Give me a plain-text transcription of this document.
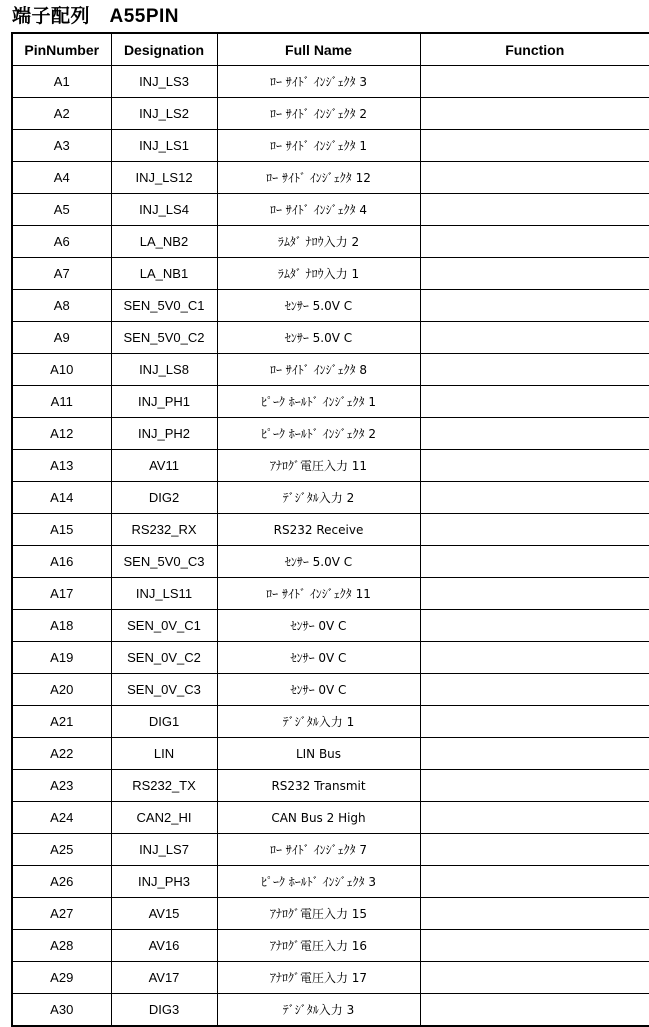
端子配列　A55PIN
PinNumber	Designation	Full Name	Function
A1	INJ_LS3	ﾛｰ ｻｲﾄﾞ ｲﾝｼﾞｪｸﾀ 3	
A2	INJ_LS2	ﾛｰ ｻｲﾄﾞ ｲﾝｼﾞｪｸﾀ 2	
A3	INJ_LS1	ﾛｰ ｻｲﾄﾞ ｲﾝｼﾞｪｸﾀ 1	
A4	INJ_LS12	ﾛｰ ｻｲﾄﾞ ｲﾝｼﾞｪｸﾀ 12	
A5	INJ_LS4	ﾛｰ ｻｲﾄﾞ ｲﾝｼﾞｪｸﾀ 4	
A6	LA_NB2	ﾗﾑﾀﾞ ﾅﾛｳ入力 2	
A7	LA_NB1	ﾗﾑﾀﾞ ﾅﾛｳ入力 1	
A8	SEN_5V0_C1	ｾﾝｻｰ 5.0V C	
A9	SEN_5V0_C2	ｾﾝｻｰ 5.0V C	
A10	INJ_LS8	ﾛｰ ｻｲﾄﾞ ｲﾝｼﾞｪｸﾀ 8	
A11	INJ_PH1	ﾋﾟｰｸ ﾎｰﾙﾄﾞ ｲﾝｼﾞｪｸﾀ 1	
A12	INJ_PH2	ﾋﾟｰｸ ﾎｰﾙﾄﾞ ｲﾝｼﾞｪｸﾀ 2	
A13	AV11	ｱﾅﾛｸﾞ電圧入力 11	
A14	DIG2	ﾃﾞｼﾞﾀﾙ入力 2	
A15	RS232_RX	RS232 Receive	
A16	SEN_5V0_C3	ｾﾝｻｰ 5.0V C	
A17	INJ_LS11	ﾛｰ ｻｲﾄﾞ ｲﾝｼﾞｪｸﾀ 11	
A18	SEN_0V_C1	ｾﾝｻｰ 0V C	
A19	SEN_0V_C2	ｾﾝｻｰ 0V C	
A20	SEN_0V_C3	ｾﾝｻｰ 0V C	
A21	DIG1	ﾃﾞｼﾞﾀﾙ入力 1	
A22	LIN	LIN Bus	
A23	RS232_TX	RS232 Transmit	
A24	CAN2_HI	CAN Bus 2 High	
A25	INJ_LS7	ﾛｰ ｻｲﾄﾞ ｲﾝｼﾞｪｸﾀ 7	
A26	INJ_PH3	ﾋﾟｰｸ ﾎｰﾙﾄﾞ ｲﾝｼﾞｪｸﾀ 3	
A27	AV15	ｱﾅﾛｸﾞ電圧入力 15	
A28	AV16	ｱﾅﾛｸﾞ電圧入力 16	
A29	AV17	ｱﾅﾛｸﾞ電圧入力 17	
A30	DIG3	ﾃﾞｼﾞﾀﾙ入力 3	
